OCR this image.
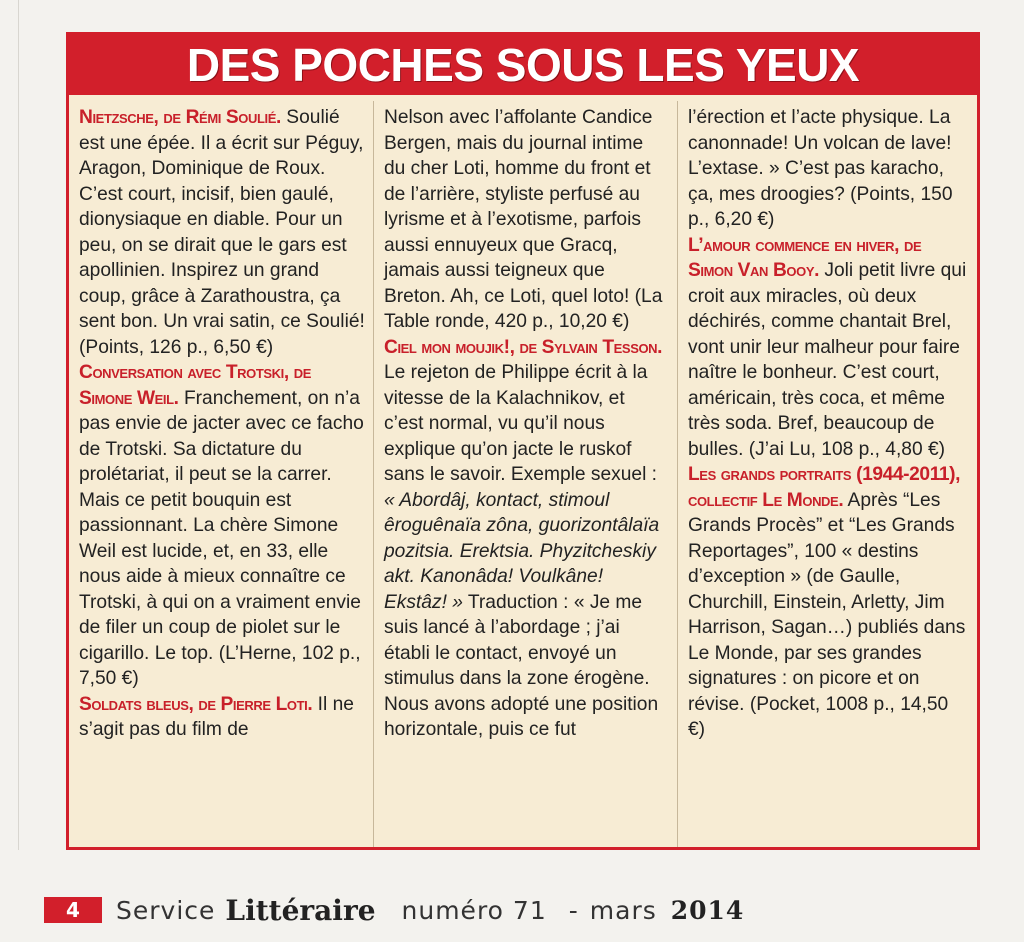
DES POCHES SOUS LES YEUX
Nietzsche, de Rémi Soulié. Soulié est une épée. Il a écrit sur Péguy, Aragon, Dominique de Roux. C’est court, incisif, bien gaulé, dionysiaque en diable. Pour un peu, on se dirait que le gars est apollinien. Inspirez un grand coup, grâce à Zarathoustra, ça sent bon. Un vrai satin, ce Soulié! (Points, 126 p., 6,50 €)
Conversation avec Trotski, de Simone Weil. Franchement, on n’a pas envie de jacter avec ce facho de Trotski. Sa dictature du prolétariat, il peut se la carrer. Mais ce petit bouquin est passionnant. La chère Simone Weil est lucide, et, en 33, elle nous aide à mieux connaître ce Trotski, à qui on a vraiment envie de filer un coup de piolet sur le cigarillo. Le top. (L’Herne, 102 p., 7,50 €)
Soldats bleus, de Pierre Loti. Il ne s’agit pas du film de
Nelson avec l’affolante Candice Bergen, mais du journal intime du cher Loti, homme du front et de l’arrière, styliste perfusé au lyrisme et à l’exotisme, parfois aussi ennuyeux que Gracq, jamais aussi teigneux que Breton. Ah, ce Loti, quel loto! (La Table ronde, 420 p., 10,20 €)
Ciel mon moujik!, de Sylvain Tesson. Le rejeton de Philippe écrit à la vitesse de la Kalachnikov, et c’est normal, vu qu’il nous explique qu’on jacte le ruskof sans le savoir. Exemple sexuel : « Abordâj, kontact, stimoul êroguênaïa zôna, guorizontâlaïa pozitsia. Erektsia. Phyzitcheskiy akt. Kanonâda! Voulkâne! Ekstâz! » Traduction : « Je me suis lancé à l’abordage ; j’ai établi le contact, envoyé un stimulus dans la zone érogène. Nous avons adopté une position horizontale, puis ce fut
l’érection et l’acte physique. La canonnade! Un volcan de lave! L’extase. » C’est pas karacho, ça, mes droogies? (Points, 150 p., 6,20 €)
L’amour commence en hiver, de Simon Van Booy. Joli petit livre qui croit aux miracles, où deux déchirés, comme chantait Brel, vont unir leur malheur pour faire naître le bonheur. C’est court, américain, très coca, et même très soda. Bref, beaucoup de bulles. (J’ai Lu, 108 p., 4,80 €)
Les grands portraits (1944-2011), collectif Le Monde. Après “Les Grands Procès” et “Les Grands Reportages”, 100 « destins d’exception » (de Gaulle, Churchill, Einstein, Arletty, Jim Harrison, Sagan…) publiés dans Le Monde, par ses grandes signatures : on picore et on révise. (Pocket, 1008 p., 14,50 €)
4	Service Littéraire numéro 71 - mars 2014
